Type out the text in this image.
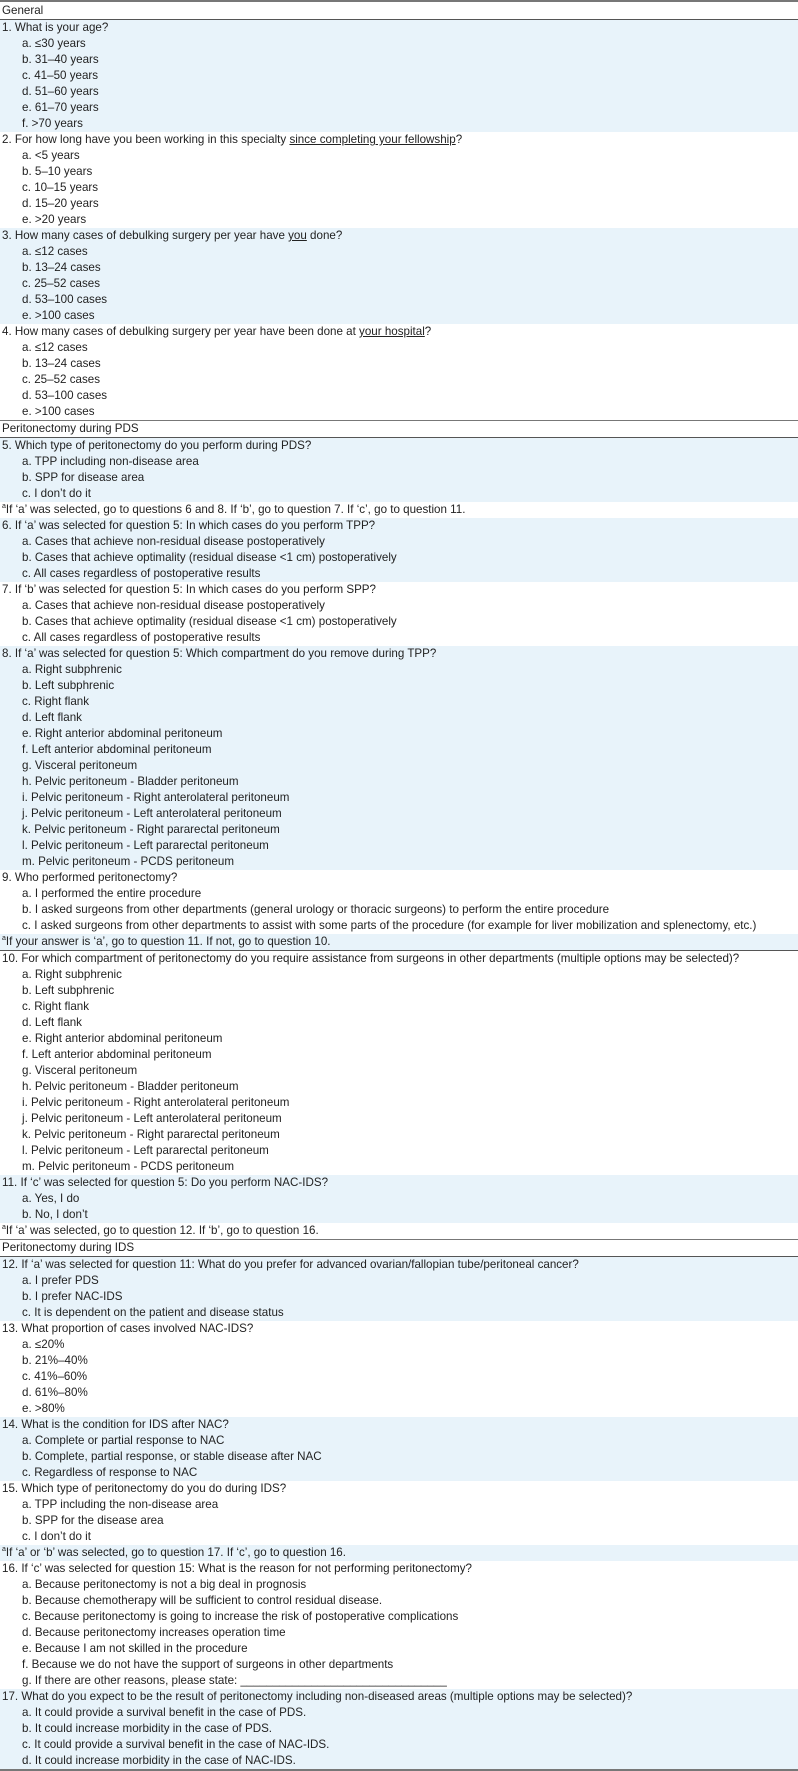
General
1. What is your age?
a. ≤30 years
b. 31–40 years
c. 41–50 years
d. 51–60 years
e. 61–70 years
f. >70 years
2. For how long have you been working in this specialty since completing your fellowship?
a. <5 years
b. 5–10 years
c. 10–15 years
d. 15–20 years
e. >20 years
3. How many cases of debulking surgery per year have you done?
a. ≤12 cases
b. 13–24 cases
c. 25–52 cases
d. 53–100 cases
e. >100 cases
4. How many cases of debulking surgery per year have been done at your hospital?
a. ≤12 cases
b. 13–24 cases
c. 25–52 cases
d. 53–100 cases
e. >100 cases
Peritonectomy during PDS
5. Which type of peritonectomy do you perform during PDS?
a. TPP including non-disease area
b. SPP for disease area
c. I don’t do it
$^a$If ‘a’ was selected, go to questions 6 and 8. If ‘b’, go to question 7. If ‘c’, go to question 11.
6. If ‘a’ was selected for question 5: In which cases do you perform TPP?
a. Cases that achieve non-residual disease postoperatively
b. Cases that achieve optimality (residual disease <1 cm) postoperatively
c. All cases regardless of postoperative results
7. If ‘b’ was selected for question 5: In which cases do you perform SPP?
a. Cases that achieve non-residual disease postoperatively
b. Cases that achieve optimality (residual disease <1 cm) postoperatively
c. All cases regardless of postoperative results
8. If ‘a’ was selected for question 5: Which compartment do you remove during TPP?
a. Right subphrenic
b. Left subphrenic
c. Right flank
d. Left flank
e. Right anterior abdominal peritoneum
f. Left anterior abdominal peritoneum
g. Visceral peritoneum
h. Pelvic peritoneum - Bladder peritoneum
i. Pelvic peritoneum - Right anterolateral peritoneum
j. Pelvic peritoneum - Left anterolateral peritoneum
k. Pelvic peritoneum - Right pararectal peritoneum
l. Pelvic peritoneum - Left pararectal peritoneum
m. Pelvic peritoneum - PCDS peritoneum
9. Who performed peritonectomy?
a. I performed the entire procedure
b. I asked surgeons from other departments (general urology or thoracic surgeons) to perform the entire procedure
c. I asked surgeons from other departments to assist with some parts of the procedure (for example for liver mobilization and splenectomy, etc.)
$^a$If your answer is ‘a’, go to question 11. If not, go to question 10.
10. For which compartment of peritonectomy do you require assistance from surgeons in other departments (multiple options may be selected)?
a. Right subphrenic
b. Left subphrenic
c. Right flank
d. Left flank
e. Right anterior abdominal peritoneum
f. Left anterior abdominal peritoneum
g. Visceral peritoneum
h. Pelvic peritoneum - Bladder peritoneum
i. Pelvic peritoneum - Right anterolateral peritoneum
j. Pelvic peritoneum - Left anterolateral peritoneum
k. Pelvic peritoneum - Right pararectal peritoneum
l. Pelvic peritoneum - Left pararectal peritoneum
m. Pelvic peritoneum - PCDS peritoneum
11. If ‘c’ was selected for question 5: Do you perform NAC-IDS?
a. Yes, I do
b. No, I don’t
$^a$If ‘a’ was selected, go to question 12. If ‘b’, go to question 16.
Peritonectomy during IDS
12. If ‘a’ was selected for question 11: What do you prefer for advanced ovarian/fallopian tube/peritoneal cancer?
a. I prefer PDS
b. I prefer NAC-IDS
c. It is dependent on the patient and disease status
13. What proportion of cases involved NAC-IDS?
a. ≤20%
b. 21%–40%
c. 41%–60%
d. 61%–80%
e. >80%
14. What is the condition for IDS after NAC?
a. Complete or partial response to NAC
b. Complete, partial response, or stable disease after NAC
c. Regardless of response to NAC
15. Which type of peritonectomy do you do during IDS?
a. TPP including the non-disease area
b. SPP for the disease area
c. I don’t do it
$^a$If ‘a’ or ‘b’ was selected, go to question 17. If ‘c’, go to question 16.
16. If ‘c’ was selected for question 15: What is the reason for not performing peritonectomy?
a. Because peritonectomy is not a big deal in prognosis
b. Because chemotherapy will be sufficient to control residual disease.
c. Because peritonectomy is going to increase the risk of postoperative complications
d. Because peritonectomy increases operation time
e. Because I am not skilled in the procedure
f. Because we do not have the support of surgeons in other departments
g. If there are other reasons, please state: ________________________________
17. What do you expect to be the result of peritonectomy including non-diseased areas (multiple options may be selected)?
a. It could provide a survival benefit in the case of PDS.
b. It could increase morbidity in the case of PDS.
c. It could provide a survival benefit in the case of NAC-IDS.
d. It could increase morbidity in the case of NAC-IDS.
